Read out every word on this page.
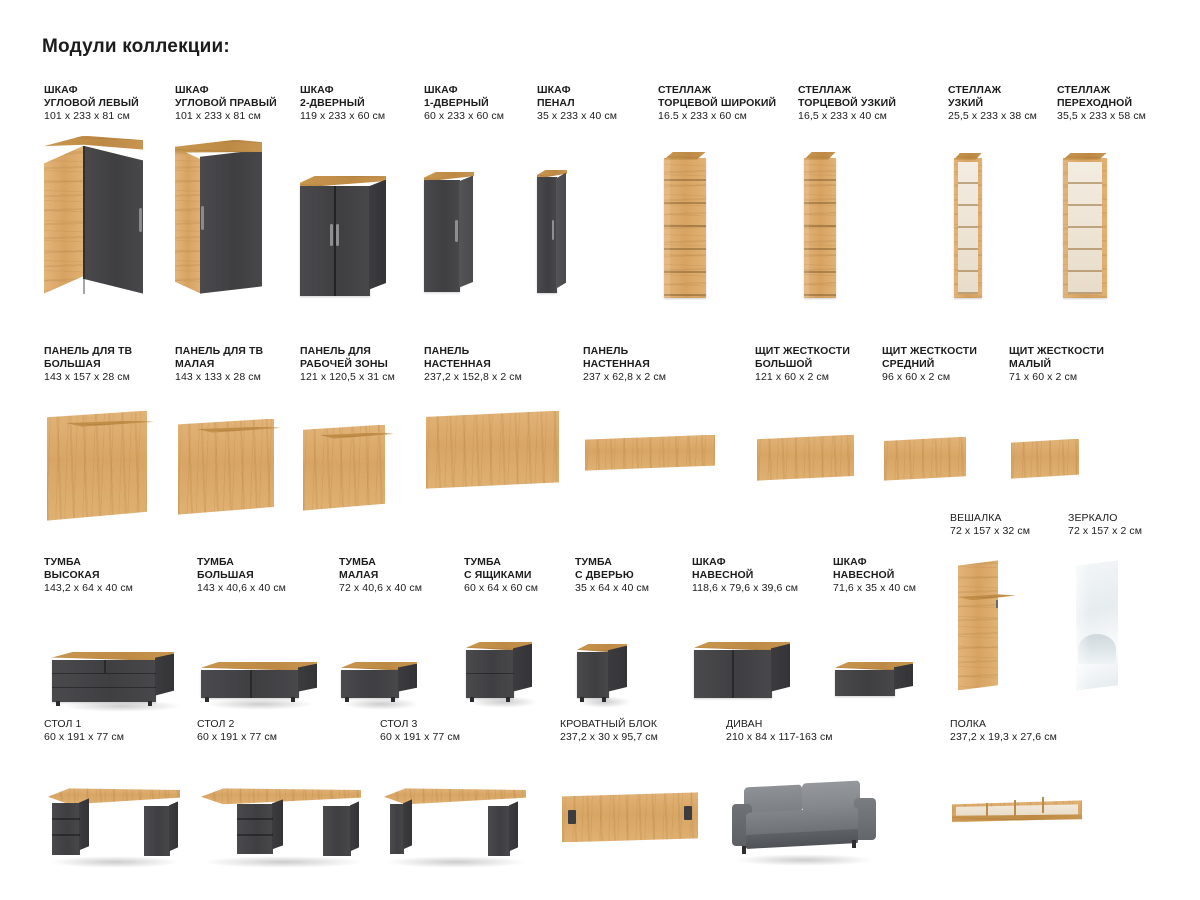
Модули коллекции:
ШКАФ
УГЛОВОЙ ЛЕВЫЙ
101 x 233 x 81 см
ШКАФ
УГЛОВОЙ ПРАВЫЙ
101 x 233 x 81 см
ШКАФ
2-ДВЕРНЫЙ
119 x 233 x 60 см
ШКАФ
1-ДВЕРНЫЙ
60 x 233 x 60 см
ШКАФ
ПЕНАЛ
35 x 233 x 40 см
СТЕЛЛАЖ
ТОРЦЕВОЙ ШИРОКИЙ
16.5 x 233 x 60 см
СТЕЛЛАЖ
ТОРЦЕВОЙ УЗКИЙ
16,5 x 233 x 40 см
СТЕЛЛАЖ
УЗКИЙ
25,5 x 233 x 38 см
СТЕЛЛАЖ
ПЕРЕХОДНОЙ
35,5 x 233 x 58 см
ПАНЕЛЬ ДЛЯ ТВ
БОЛЬШАЯ
143 x 157 x 28 см
ПАНЕЛЬ ДЛЯ ТВ
МАЛАЯ
143 x 133 x 28 см
ПАНЕЛЬ ДЛЯ
РАБОЧЕЙ ЗОНЫ
121 x 120,5 x 31 см
ПАНЕЛЬ
НАСТЕННАЯ
237,2 x 152,8 x 2 см
ПАНЕЛЬ
НАСТЕННАЯ
237 x 62,8 x 2 см
ЩИТ ЖЕСТКОСТИ
БОЛЬШОЙ
121 x 60 x 2 см
ЩИТ ЖЕСТКОСТИ
СРЕДНИЙ
96 x 60 x 2 см
ЩИТ ЖЕСТКОСТИ
МАЛЫЙ
71 x 60 x 2 см
ВЕШАЛКА
72 x 157 x 32 см
ЗЕРКАЛО
72 x 157 x 2 см
ТУМБА
ВЫСОКАЯ
143,2 x 64 x 40 см
ТУМБА
БОЛЬШАЯ
143 x 40,6 x 40 см
ТУМБА
МАЛАЯ
72 x 40,6 x 40 см
ТУМБА
С ЯЩИКАМИ
60 x 64 x 60 см
ТУМБА
С ДВЕРЬЮ
35 x 64 x 40 см
ШКАФ
НАВЕСНОЙ
118,6 x 79,6 x 39,6 см
ШКАФ
НАВЕСНОЙ
71,6 x 35 x 40 см
СТОЛ 1
60 x 191 x 77 см
СТОЛ 2
60 x 191 x 77 см
СТОЛ 3
60 x 191 x 77 см
КРОВАТНЫЙ БЛОК
237,2 x 30 x 95,7 см
ДИВАН
210 x 84 x 117-163 см
ПОЛКА
237,2 x 19,3 x 27,6 см
